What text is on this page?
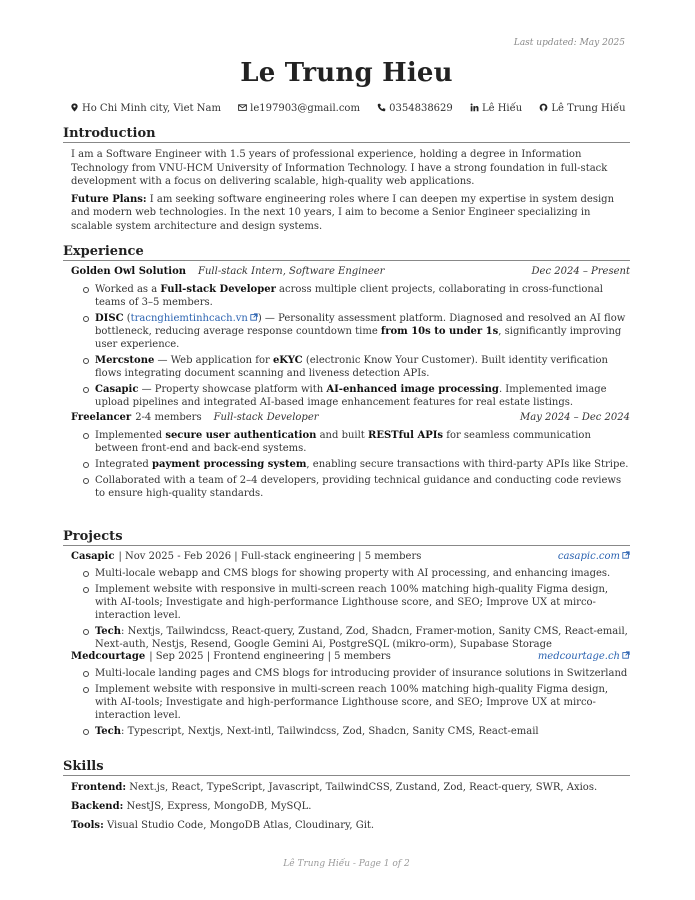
Last updated: May 2025
Le Trung Hieu
Ho Chi Minh city, Viet Nam	le197903@gmail.com	0354838629	Lê Hiếu	Lê Trung Hiếu
Introduction

I am a Software Engineer with 1.5 years of professional experience, holding a degree in Information Technology from VNU-HCM University of Information Technology. I have a strong foundation in full-stack development with a focus on delivering scalable, high-quality web applications.

Future Plans: I am seeking software engineering roles where I can deepen my expertise in system design and modern web technologies. In the next 10 years, I aim to become a Senior Engineer specializing in scalable system architecture and design systems.

Experience
Golden Owl Solution Full-stack Intern, Software Engineer	Dec 2024 – Present
Worked as a Full-stack Developer across multiple client projects, collaborating in cross-functional teams of 3–5 members.
DISC (tracnghiemtinhcach.vn ) — Personality assessment platform. Diagnosed and resolved an AI flow bottleneck, reducing average response countdown time from 10s to under 1s, significantly improving user experience.
Mercstone — Web application for eKYC (electronic Know Your Customer). Built identity verification flows integrating document scanning and liveness detection APIs.
Casapic — Property showcase platform with AI-enhanced image processing. Implemented image upload pipelines and integrated AI-based image enhancement features for real estate listings.
Freelancer 2-4 members Full-stack Developer	May 2024 – Dec 2024
Implemented secure user authentication and built RESTful APIs for seamless communication between front-end and back-end systems.
Integrated payment processing system, enabling secure transactions with third-party APIs like Stripe.
Collaborated with a team of 2–4 developers, providing technical guidance and conducting code reviews to ensure high-quality standards.
Projects
Casapic | Nov 2025 - Feb 2026 | Full-stack engineering | 5 members	casapic.com
Multi-locale webapp and CMS blogs for showing property with AI processing, and enhancing images.
Implement website with responsive in multi-screen reach 100% matching high-quality Figma design, with AI-tools; Investigate and high-performance Lighthouse score, and SEO; Improve UX at mirco-interaction level.
Tech: Nextjs, Tailwindcss, React-query, Zustand, Zod, Shadcn, Framer-motion, Sanity CMS, React-email, Next-auth, Nestjs, Resend, Google Gemini Ai, PostgreSQL (mikro-orm), Supabase Storage
Medcourtage | Sep 2025 | Frontend engineering | 5 members	medcourtage.ch
Multi-locale landing pages and CMS blogs for introducing provider of insurance solutions in Switzerland
Implement website with responsive in multi-screen reach 100% matching high-quality Figma design, with AI-tools; Investigate and high-performance Lighthouse score, and SEO; Improve UX at mirco-interaction level.
Tech: Typescript, Nextjs, Next-intl, Tailwindcss, Zod, Shadcn, Sanity CMS, React-email
Skills
Frontend: Next.js, React, TypeScript, Javascript, TailwindCSS, Zustand, Zod, React-query, SWR, Axios.
Backend: NestJS, Express, MongoDB, MySQL.
Tools: Visual Studio Code, MongoDB Atlas, Cloudinary, Git.
Lê Trung Hiếu - Page 1 of 2
